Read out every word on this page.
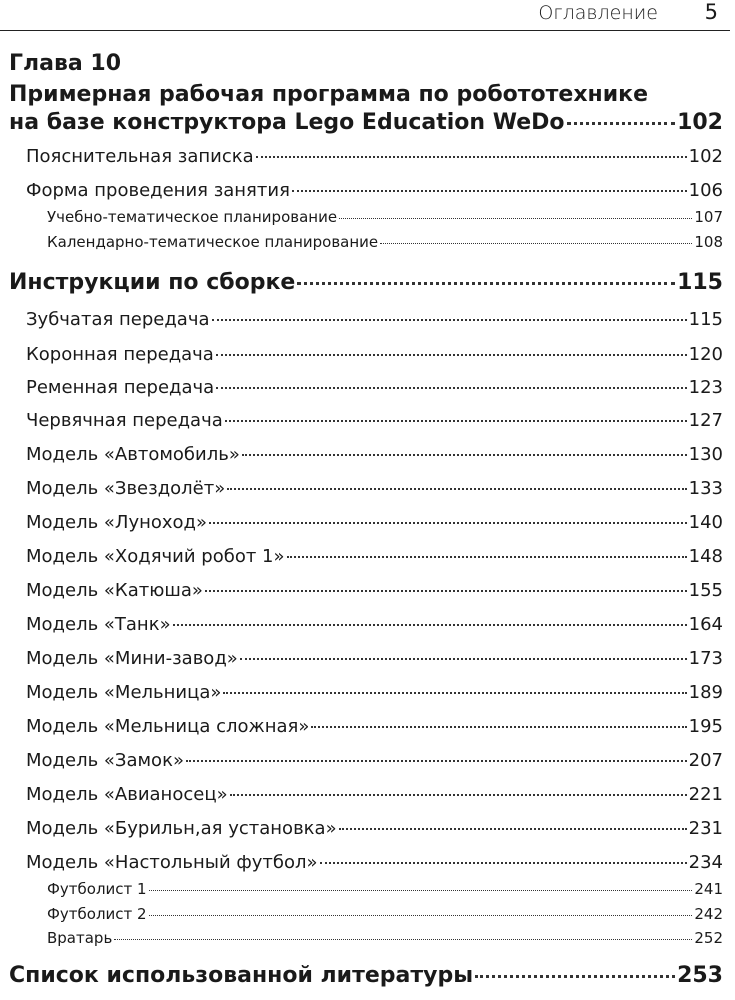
Оглавление 5
Глава 10
Примерная рабочая программа по робототехнике
на базе конструктора Lego Education WeDo	102
Пояснительная записка	102
Форма проведения занятия	106
Учебно-тематическое планирование	107
Календарно-тематическое планирование	108
Инструкции по сборке	115
Зубчатая передача	115
Коронная передача	120
Ременная передача	123
Червячная передача	127
Модель «Автомобиль»	130
Модель «Звездолёт»	133
Модель «Луноход»	140
Модель «Ходячий робот 1»	148
Модель «Катюша»	155
Модель «Танк»	164
Модель «Мини-завод»	173
Модель «Мельница»	189
Модель «Мельница сложная»	195
Модель «Замок»	207
Модель «Авианосец»	221
Модель «Бурильн,ая установка»	231
Модель «Настольный футбол»	234
Футболист 1	241
Футболист 2	242
Вратарь	252
Список использованной литературы	253
